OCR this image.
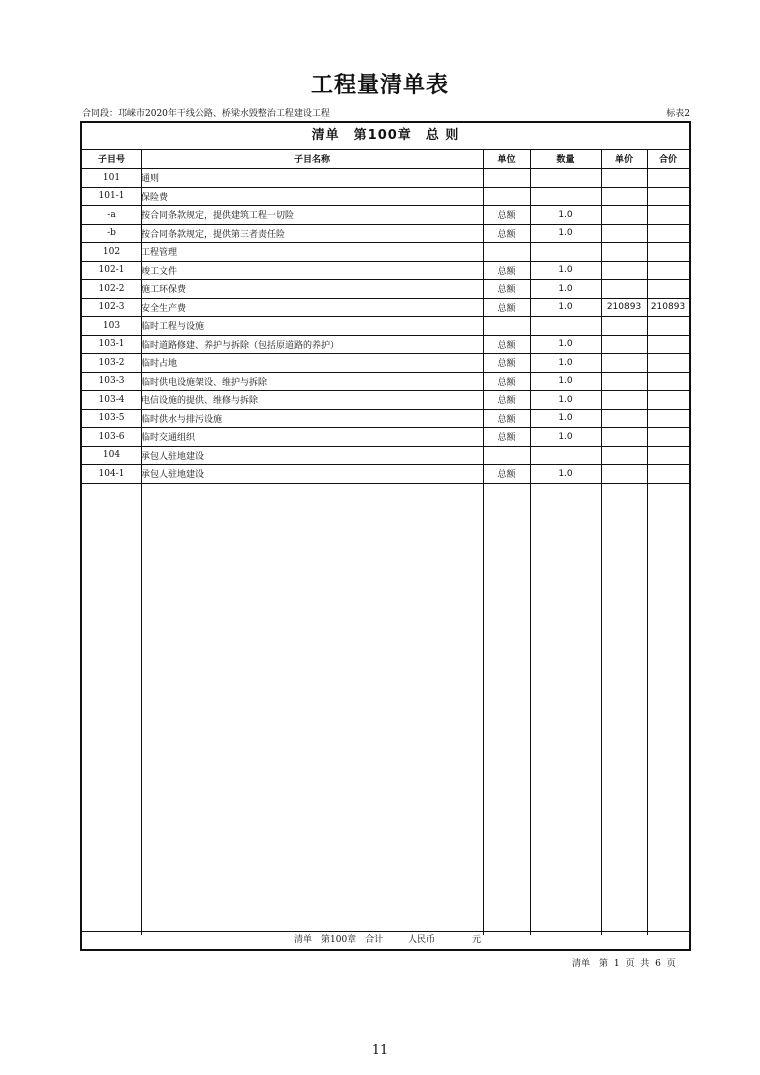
工程量清单表
合同段：邛崃市2020年干线公路、桥梁水毁整治工程建设工程	标表2
清单　第100章　总 则
子目号	子目名称	单位	数量	单价	合价
101	通则				
101-1	保险费				
-a	按合同条款规定，提供建筑工程一切险	总额	1.0		
-b	按合同条款规定，提供第三者责任险	总额	1.0		
102	工程管理				
102-1	竣工文件	总额	1.0		
102-2	施工环保费	总额	1.0		
102-3	安全生产费	总额	1.0	210893	210893
103	临时工程与设施				
103-1	临时道路修建、养护与拆除（包括原道路的养护）	总额	1.0		
103-2	临时占地	总额	1.0		
103-3	临时供电设施架设、维护与拆除	总额	1.0		
103-4	电信设施的提供、维修与拆除	总额	1.0		
103-5	临时供水与排污设施	总额	1.0		
103-6	临时交通组织	总额	1.0		
104	承包人驻地建设				
104-1	承包人驻地建设	总额	1.0		
清单　第100章　合计	人民币	元
清单　第 1 页 共 6 页
11
